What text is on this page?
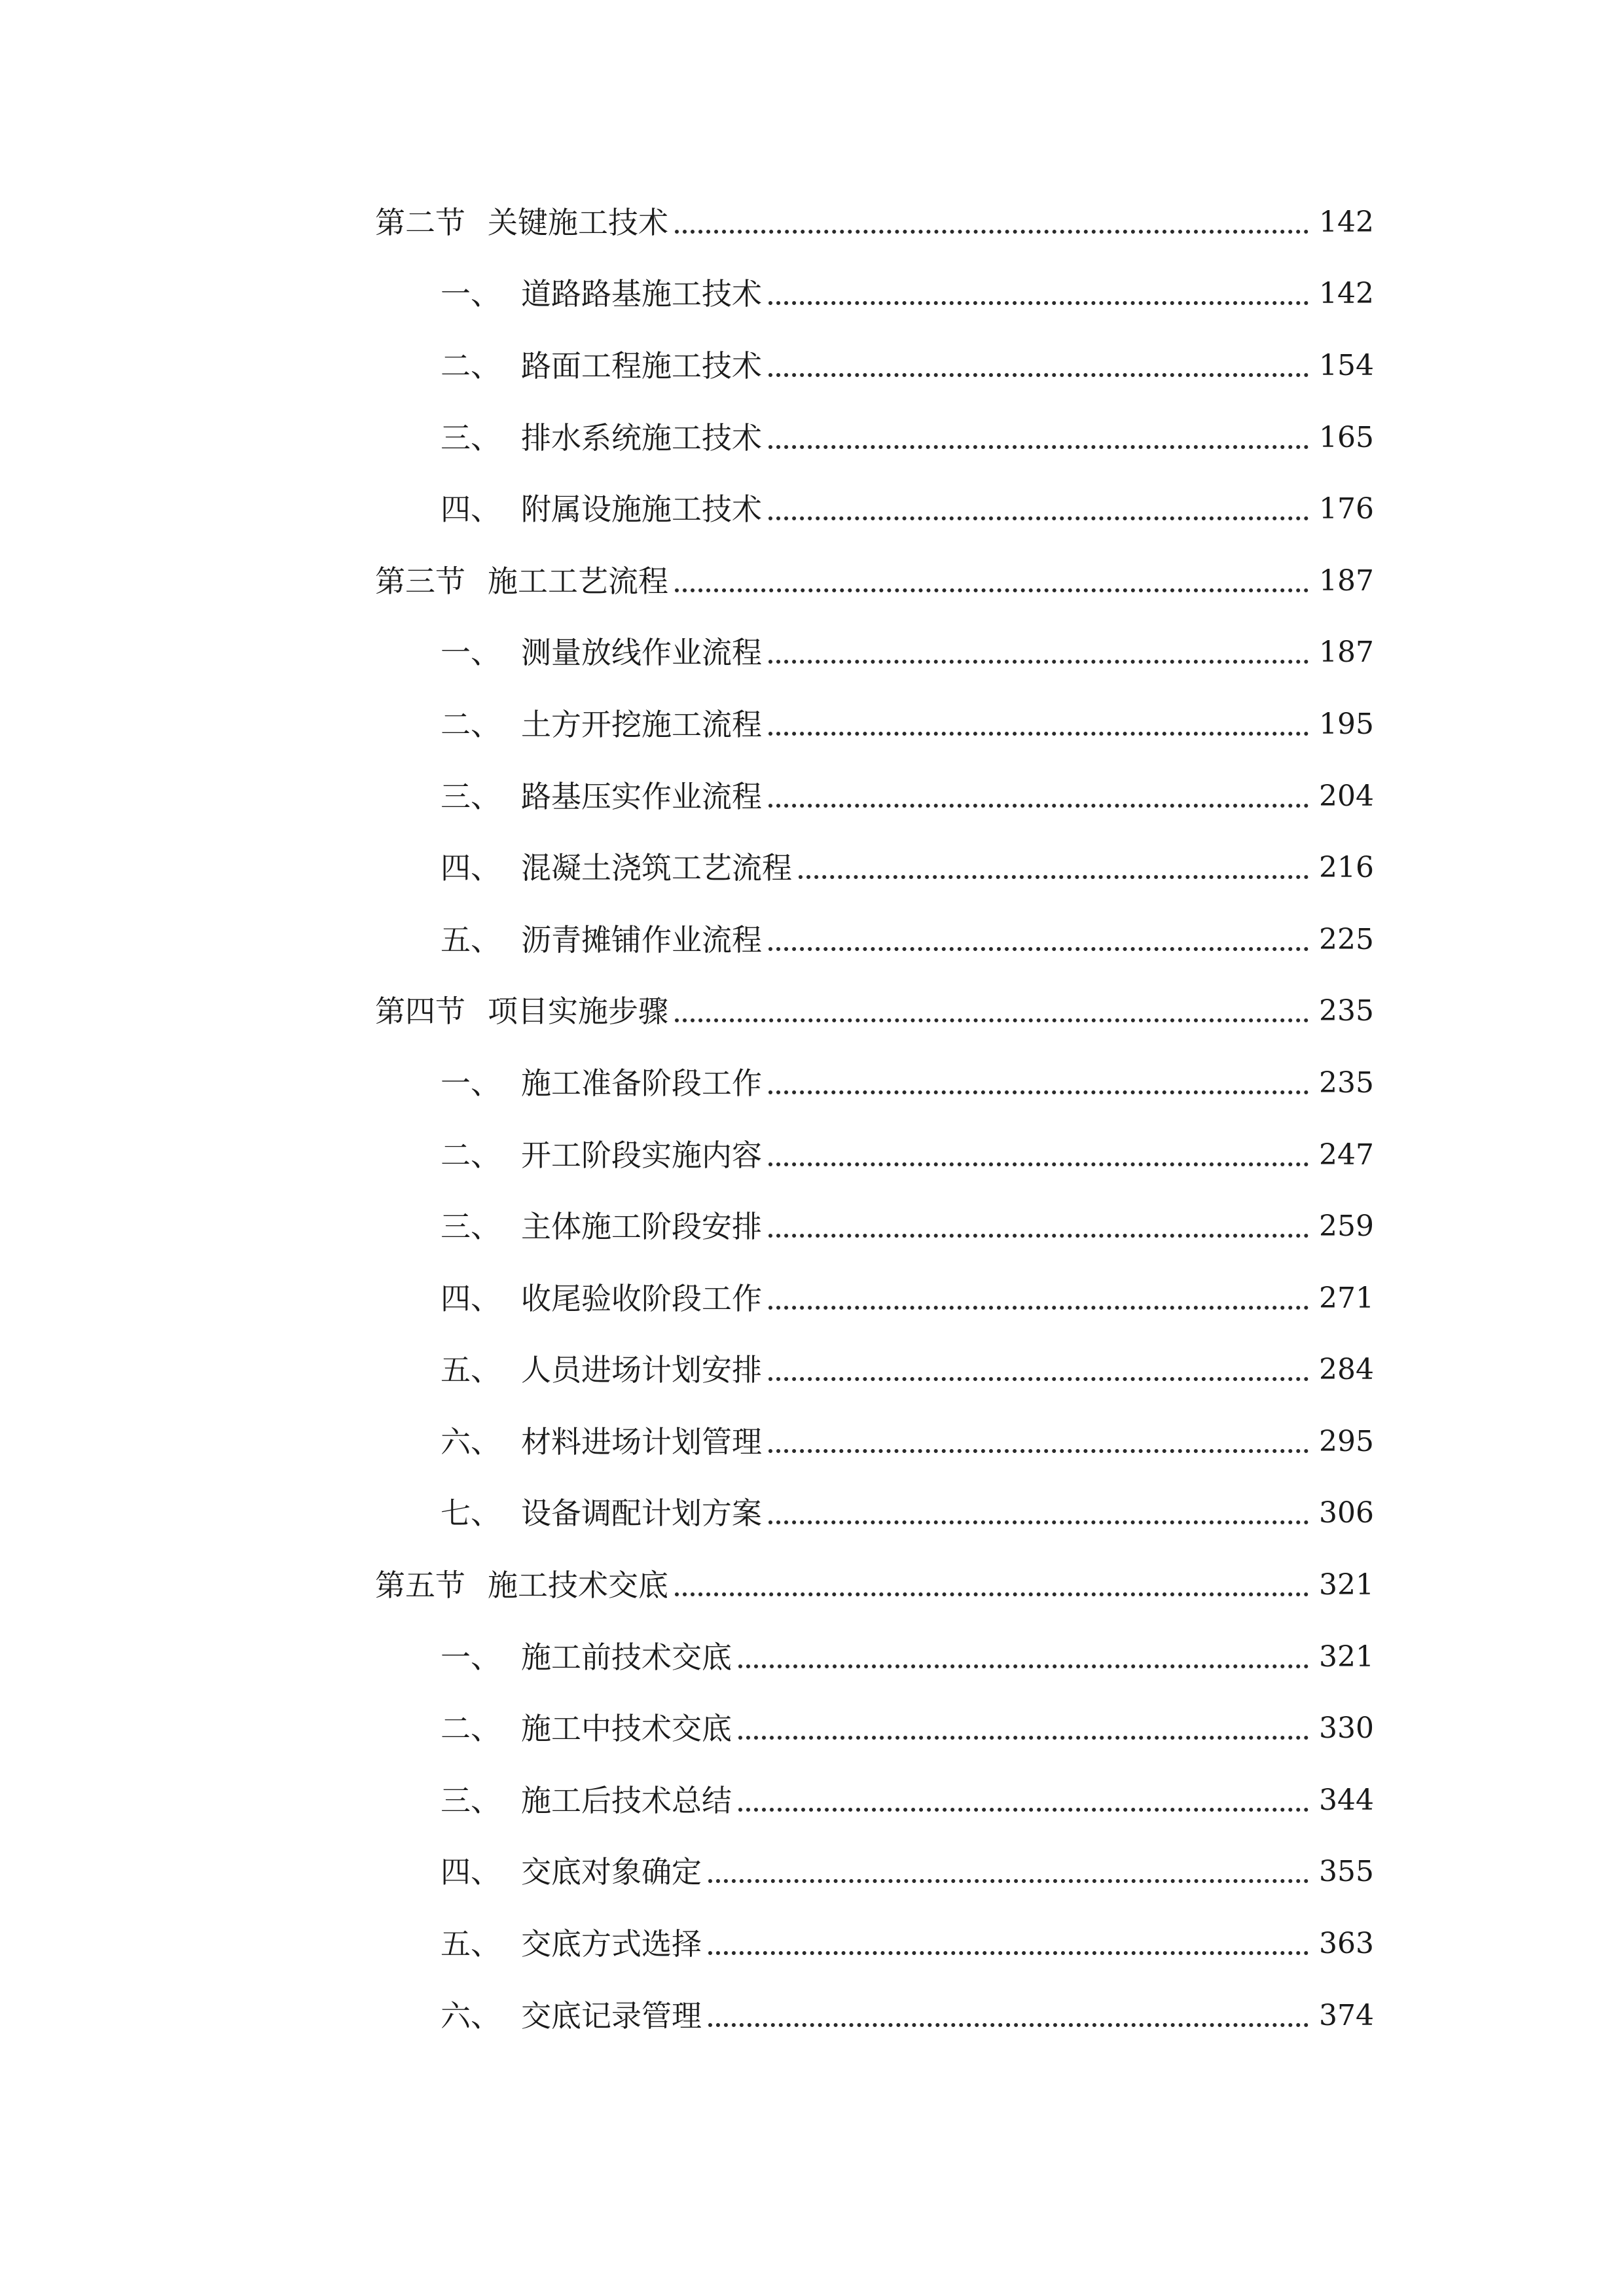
第二节 关键施工技术	142
一、 道路路基施工技术	142
二、 路面工程施工技术	154
三、 排水系统施工技术	165
四、 附属设施施工技术	176
第三节 施工工艺流程	187
一、 测量放线作业流程	187
二、 土方开挖施工流程	195
三、 路基压实作业流程	204
四、 混凝土浇筑工艺流程	216
五、 沥青摊铺作业流程	225
第四节 项目实施步骤	235
一、 施工准备阶段工作	235
二、 开工阶段实施内容	247
三、 主体施工阶段安排	259
四、 收尾验收阶段工作	271
五、 人员进场计划安排	284
六、 材料进场计划管理	295
七、 设备调配计划方案	306
第五节 施工技术交底	321
一、 施工前技术交底	321
二、 施工中技术交底	330
三、 施工后技术总结	344
四、 交底对象确定	355
五、 交底方式选择	363
六、 交底记录管理	374
